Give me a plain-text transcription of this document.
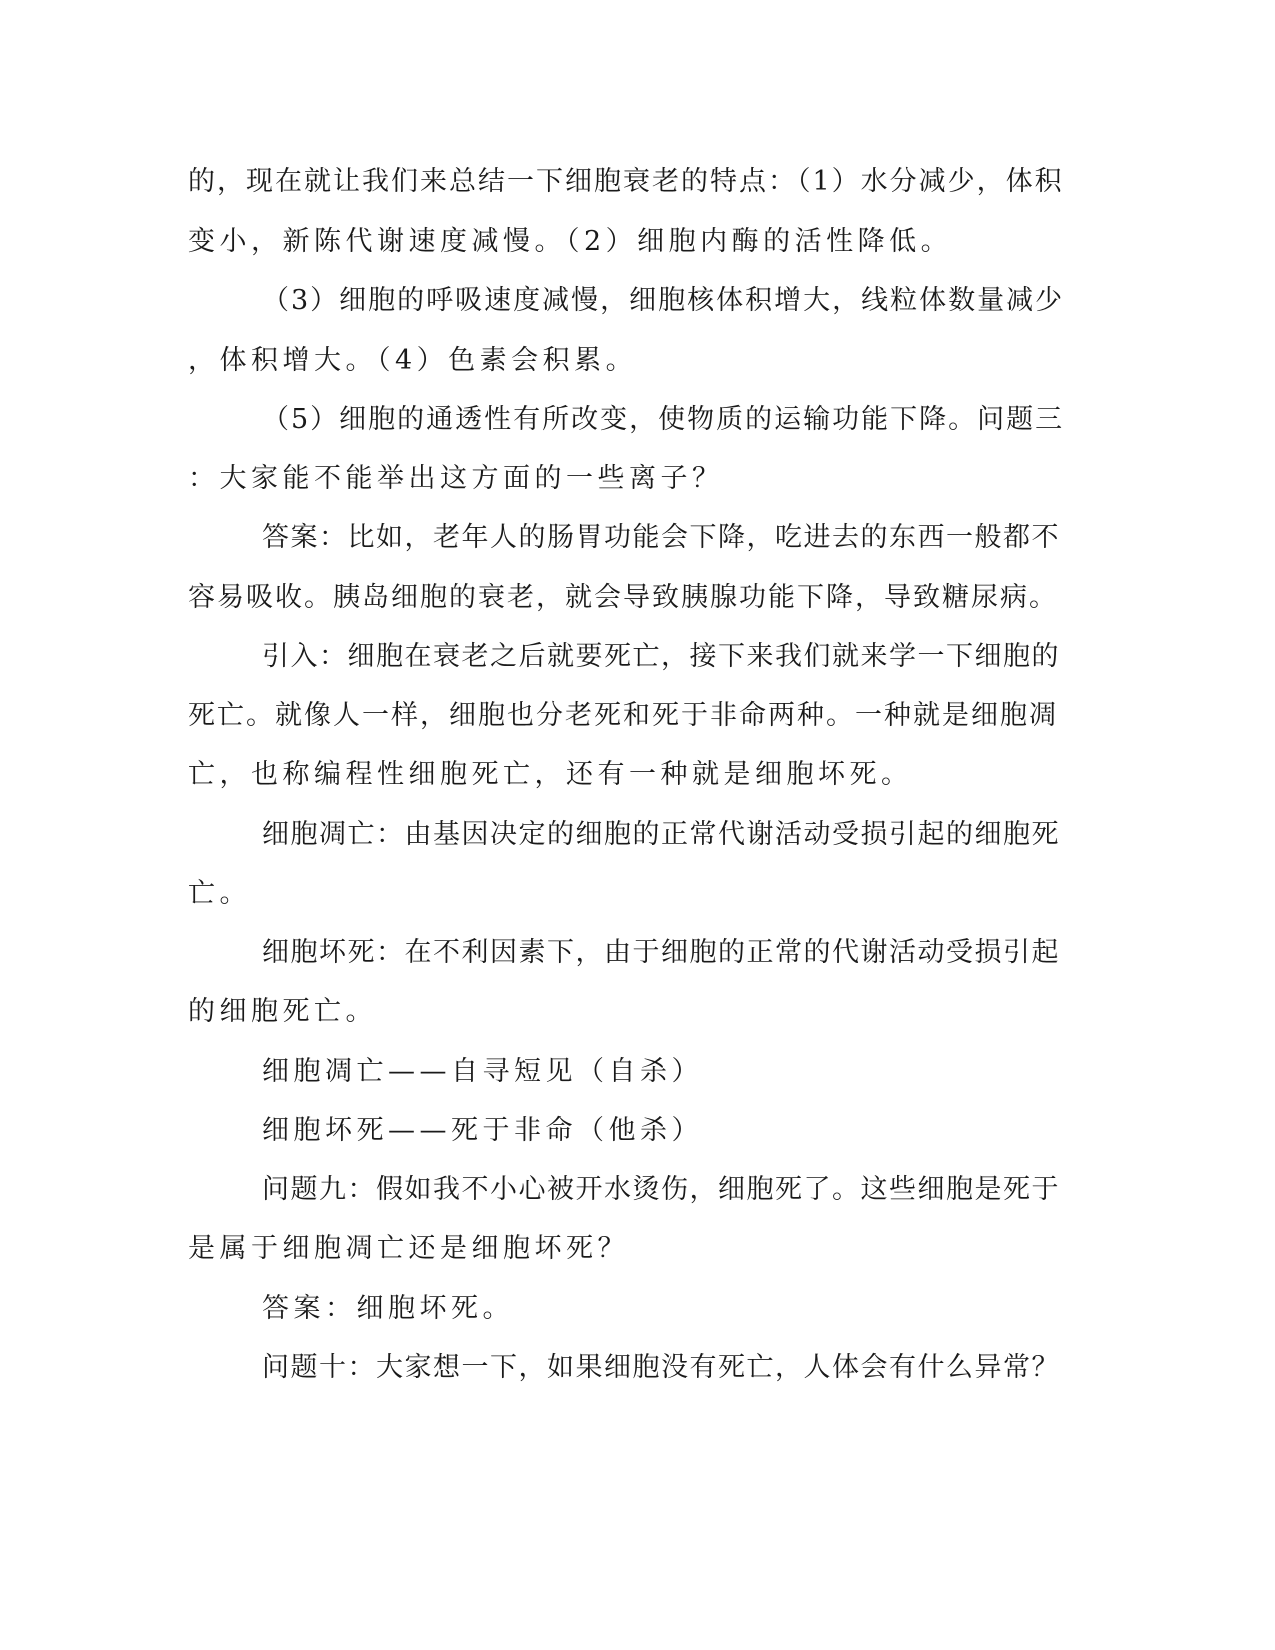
的，现在就让我们来总结一下细胞衰老的特点：（1）水分减少，体积
变小，新陈代谢速度减慢。（2）细胞内酶的活性降低。
（3）细胞的呼吸速度减慢，细胞核体积增大，线粒体数量减少
，体积增大。（4）色素会积累。
（5）细胞的通透性有所改变，使物质的运输功能下降。问题三
：大家能不能举出这方面的一些离子？
答案：比如，老年人的肠胃功能会下降，吃进去的东西一般都不
容易吸收。胰岛细胞的衰老，就会导致胰腺功能下降，导致糖尿病。
引入：细胞在衰老之后就要死亡，接下来我们就来学一下细胞的
死亡。就像人一样，细胞也分老死和死于非命两种。一种就是细胞凋
亡，也称编程性细胞死亡，还有一种就是细胞坏死。
细胞凋亡：由基因决定的细胞的正常代谢活动受损引起的细胞死
亡。
细胞坏死：在不利因素下，由于细胞的正常的代谢活动受损引起
的细胞死亡。
细胞凋亡——自寻短见（自杀）
细胞坏死——死于非命（他杀）
问题九：假如我不小心被开水烫伤，细胞死了。这些细胞是死于
是属于细胞凋亡还是细胞坏死？
答案：细胞坏死。
问题十：大家想一下，如果细胞没有死亡，人体会有什么异常？
